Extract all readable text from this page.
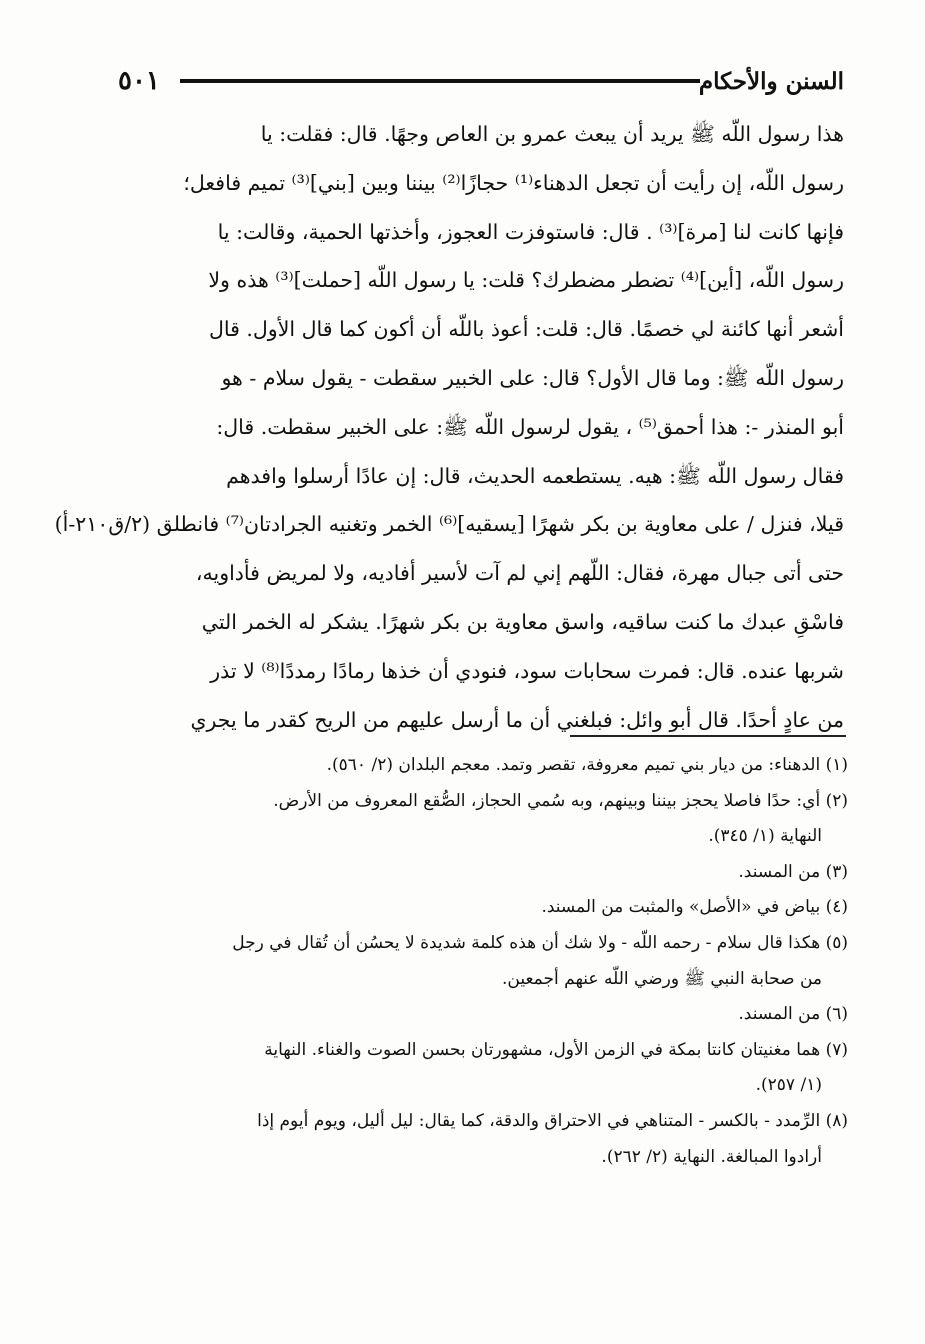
٥٠١	السنن والأحكام
هذا رسول اللّه ﷺ يريد أن يبعث عمرو بن العاص وجهًا. قال: فقلت: يا
رسول اللّه، إن رأيت أن تجعل الدهناء⁽¹⁾ حجازًا⁽²⁾ بيننا وبين [بني]⁽³⁾ تميم فافعل؛
فإنها كانت لنا [مرة]⁽³⁾ . قال: فاستوفزت العجوز، وأخذتها الحمية، وقالت: يا
رسول اللّه، [أين]⁽⁴⁾ تضطر مضطرك؟ قلت: يا رسول اللّه [حملت]⁽³⁾ هذه ولا
أشعر أنها كائنة لي خصمًا. قال: قلت: أعوذ باللّه أن أكون كما قال الأول. قال
رسول اللّه ﷺ: وما قال الأول؟ قال: على الخبير سقطت - يقول سلام - هو
أبو المنذر -: هذا أحمق⁽⁵⁾ ، يقول لرسول اللّه ﷺ: على الخبير سقطت. قال:
فقال رسول اللّه ﷺ: هيه. يستطعمه الحديث، قال: إن عادًا أرسلوا وافدهم
قيلا، فنزل / على معاوية بن بكر شهرًا [يسقيه]⁽⁶⁾ الخمر وتغنيه الجرادتان⁽⁷⁾ فانطلق (٢/ق٢١٠-أ)
حتى أتى جبال مهرة، فقال: اللّهم إني لم آت لأسير أفاديه، ولا لمريض فأداويه،
فاسْقِ عبدك ما كنت ساقيه، واسق معاوية بن بكر شهرًا. يشكر له الخمر التي
شربها عنده. قال: فمرت سحابات سود، فنودي أن خذها رمادًا رمددًا⁽⁸⁾ لا تذر
من عادٍ أحدًا. قال أبو وائل: فبلغني أن ما أرسل عليهم من الريح كقدر ما يجري
(١) الدهناء: من ديار بني تميم معروفة، تقصر وتمد. معجم البلدان (٢/ ٥٦٠).
(٢) أي: حدًا فاصلا يحجز بيننا وبينهم، وبه سُمي الحجاز، الصُّقع المعروف من الأرض.
النهاية (١/ ٣٤٥).
(٣) من المسند.
(٤) بياض في «الأصل» والمثبت من المسند.
(٥) هكذا قال سلام - رحمه اللّه - ولا شك أن هذه كلمة شديدة لا يحسُن أن تُقال في رجل
من صحابة النبي ﷺ ورضي اللّه عنهم أجمعين.
(٦) من المسند.
(٧) هما مغنيتان كانتا بمكة في الزمن الأول، مشهورتان بحسن الصوت والغناء. النهاية
(١/ ٢٥٧).
(٨) الرِّمدد - بالكسر - المتناهي في الاحتراق والدقة، كما يقال: ليل أليل، ويوم أيوم إذا
أرادوا المبالغة. النهاية (٢/ ٢٦٢).
